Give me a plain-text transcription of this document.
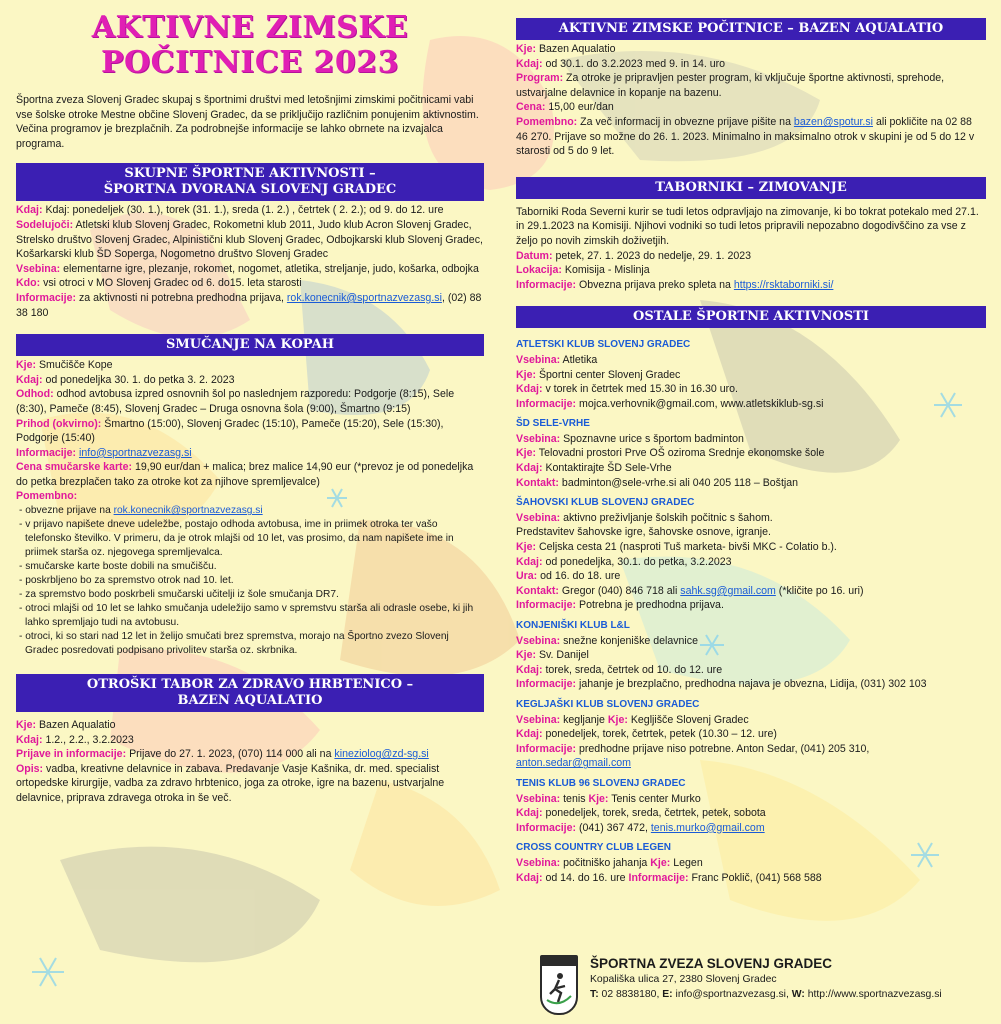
AKTIVNE ZIMSKE
POČITNICE 2023

Športna zveza Slovenj Gradec skupaj s športnimi društvi med letošnjimi zimskimi počitnicami vabi vse šolske otroke Mestne občine Slovenj Gradec, da se priključijo različnim ponujenim aktivnostim. Večina programov je brezplačnih. Za podrobnejše informacije se lahko obrnete na izvajalca programa.

SKUPNE ŠPORTNE AKTIVNOSTI –
ŠPORTNA DVORANA SLOVENJ GRADEC

Kdaj: Kdaj: ponedeljek (30. 1.), torek (31. 1.), sreda (1. 2.) , četrtek ( 2. 2.); od 9. do 12. ure

Sodelujoči: Atletski klub Slovenj Gradec, Rokometni klub 2011, Judo klub Acron Slovenj Gradec, Strelsko društvo Slovenj Gradec, Alpinistični klub Slovenj Gradec, Odbojkarski klub Slovenj Gradec, Košarkarski klub ŠD Soperga, Nogometno društvo Slovenj Gradec

Vsebina: elementarne igre, plezanje, rokomet, nogomet, atletika, streljanje, judo, košarka, odbojka

Kdo: vsi otroci v MO Slovenj Gradec od 6. do15. leta starosti

Informacije: za aktivnosti ni potrebna predhodna prijava, rok.konecnik@sportnazvezasg.si, (02) 88 38 180

SMUČANJE NA KOPAH

Kje: Smučišče Kope

Kdaj: od ponedeljka 30. 1. do petka 3. 2. 2023

Odhod: odhod avtobusa izpred osnovnih šol po naslednjem razporedu: Podgorje (8:15), Sele (8:30), Pameče (8:45), Slovenj Gradec – Druga osnovna šola (9:00), Šmartno (9:15)

Prihod (okvirno): Šmartno (15:00), Slovenj Gradec (15:10), Pameče (15:20), Sele (15:30), Podgorje (15:40)

Informacije: info@sportnazvezasg.si

Cena smučarske karte: 19,90 eur/dan + malica; brez malice 14,90 eur (*prevoz je od ponedeljka do petka brezplačen tako za otroke kot za njihove spremljevalce)

Pomembno:

- obvezne prijave na rok.konecnik@sportnazvezasg.si
- v prijavo napišete dneve udeležbe, postajo odhoda avtobusa, ime in priimek otroka ter vašo telefonsko številko. V primeru, da je otrok mlajši od 10 let, vas prosimo, da nam napišete ime in priimek starša oz. njegovega spremljevalca.
- smučarske karte boste dobili na smučišču.
- poskrbljeno bo za spremstvo otrok nad 10. let.
- za spremstvo bodo poskrbeli smučarski učitelji iz šole smučanja DR7.
- otroci mlajši od 10 let se lahko smučanja udeležijo samo v spremstvu starša ali odrasle osebe, ki jih lahko spremljajo tudi na avtobusu.
- otroci, ki so stari nad 12 let in želijo smučati brez spremstva, morajo na Športno zvezo Slovenj Gradec posredovati podpisano privolitev starša oz. skrbnika.
OTROŠKI TABOR ZA ZDRAVO HRBTENICO –
BAZEN AQUALATIO

Kje: Bazen Aqualatio

Kdaj: 1.2., 2.2., 3.2.2023

Prijave in informacije: Prijave do 27. 1. 2023, (070) 114 000 ali na kineziolog@zd-sg.si

Opis: vadba, kreativne delavnice in zabava. Predavanje Vasje Kašnika, dr. med. specialist ortopedske kirurgije, vadba za zdravo hrbtenico, joga za otroke, igre na bazenu, ustvarjalne delavnice, priprava zdravega otroka in še več.

AKTIVNE ZIMSKE POČITNICE – BAZEN AQUALATIO

Kje: Bazen Aqualatio

Kdaj: od 30.1. do 3.2.2023 med 9. in 14. uro

Program: Za otroke je pripravljen pester program, ki vključuje športne aktivnosti, sprehode, ustvarjalne delavnice in kopanje na bazenu.

Cena: 15,00 eur/dan

Pomembno: Za več informacij in obvezne prijave pišite na bazen@spotur.si ali pokličite na 02 88 46 270. Prijave so možne do 26. 1. 2023. Minimalno in maksimalno otrok v skupini je od 5 do 12 v starosti od 5 do 9 let.

TABORNIKI – ZIMOVANJE

Taborniki Roda Severni kurir se tudi letos odpravljajo na zimovanje, ki bo tokrat potekalo med 27.1. in 29.1.2023 na Komisiji. Njihovi vodniki so tudi letos pripravili nepozabno dogodivščino za vse z željo po novih zimskih doživetjih.

Datum: petek, 27. 1. 2023 do nedelje, 29. 1. 2023

Lokacija: Komisija - Mislinja

Informacije: Obvezna prijava preko spleta na https://rsktaborniki.si/

OSTALE ŠPORTNE AKTIVNOSTI

ATLETSKI KLUB SLOVENJ GRADEC

Vsebina: Atletika

Kje: Športni center Slovenj Gradec

Kdaj: v torek in četrtek med 15.30 in 16.30 uro.

Informacije: mojca.verhovnik@gmail.com, www.atletskiklub-sg.si

ŠD SELE-VRHE

Vsebina: Spoznavne urice s športom badminton

Kje: Telovadni prostori Prve OŠ oziroma Srednje ekonomske šole

Kdaj: Kontaktirajte ŠD Sele-Vrhe

Kontakt: badminton@sele-vrhe.si ali 040 205 118 – Boštjan

ŠAHOVSKI KLUB SLOVENJ GRADEC

Vsebina: aktivno preživljanje šolskih počitnic s šahom.

Predstavitev šahovske igre, šahovske osnove, igranje.

Kje: Celjska cesta 21 (nasproti Tuš marketa- bivši MKC - Colatio b.).

Kdaj: od ponedeljka, 30.1. do petka, 3.2.2023

Ura: od 16. do 18. ure

Kontakt: Gregor (040) 846 718 ali sahk.sg@gmail.com (*kličite po 16. uri)

Informacije: Potrebna je predhodna prijava.

KONJENIŠKI KLUB L&L

Vsebina: snežne konjeniške delavnice

Kje: Sv. Danijel

Kdaj: torek, sreda, četrtek od 10. do 12. ure

Informacije: jahanje je brezplačno, predhodna najava je obvezna, Lidija, (031) 302 103

KEGLJAŠKI KLUB SLOVENJ GRADEC

Vsebina: kegljanje Kje: Kegljišče Slovenj Gradec

Kdaj: ponedeljek, torek, četrtek, petek (10.30 – 12. ure)

Informacije: predhodne prijave niso potrebne. Anton Sedar, (041) 205 310,

anton.sedar@gmail.com

TENIS KLUB 96 SLOVENJ GRADEC

Vsebina: tenis Kje: Tenis center Murko

Kdaj: ponedeljek, torek, sreda, četrtek, petek, sobota

Informacije: (041) 367 472, tenis.murko@gmail.com

CROSS COUNTRY CLUB LEGEN

Vsebina: počitniško jahanja Kje: Legen

Kdaj: od 14. do 16. ure Informacije: Franc Poklič, (041) 568 588

ŠPORTNA ZVEZA SLOVENJ GRADEC
Kopališka ulica 27, 2380 Slovenj Gradec
T: 02 8838180, E: info@sportnazvezasg.si, W: http://www.sportnazvezasg.si
